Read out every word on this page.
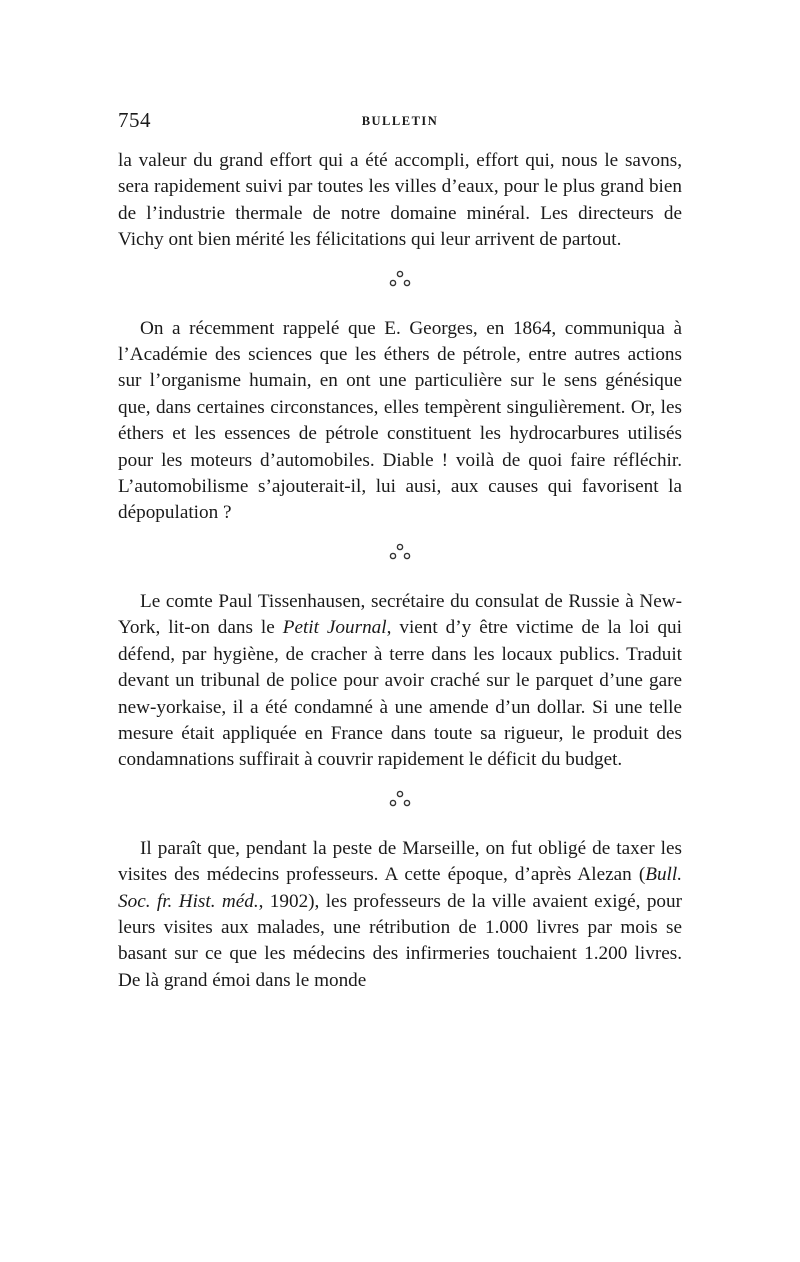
754	BULLETIN

la valeur du grand effort qui a été accompli, effort qui, nous le savons, sera rapidement suivi par toutes les villes d’eaux, pour le plus grand bien de l’industrie thermale de notre domaine minéral. Les directeurs de Vichy ont bien mérité les félicitations qui leur arrivent de partout.

On a récemment rappelé que E. Georges, en 1864, communiqua à l’Académie des sciences que les éthers de pétrole, entre autres actions sur l’organisme humain, en ont une particulière sur le sens génésique que, dans certaines circonstances, elles tempèrent singulièrement. Or, les éthers et les essences de pétrole constituent les hydrocarbures utilisés pour les moteurs d’automobiles. Diable ! voilà de quoi faire réfléchir. L’automobilisme s’ajouterait-il, lui ausi, aux causes qui favorisent la dépopulation ?

Le comte Paul Tissenhausen, secrétaire du consulat de Russie à New-York, lit-on dans le Petit Journal, vient d’y être victime de la loi qui défend, par hygiène, de cracher à terre dans les locaux publics. Traduit devant un tribunal de police pour avoir craché sur le parquet d’une gare new-yorkaise, il a été condamné à une amende d’un dollar. Si une telle mesure était appliquée en France dans toute sa rigueur, le produit des condamnations suffirait à couvrir rapidement le déficit du budget.

Il paraît que, pendant la peste de Marseille, on fut obligé de taxer les visites des médecins professeurs. A cette époque, d’après Alezan (Bull. Soc. fr. Hist. méd., 1902), les professeurs de la ville avaient exigé, pour leurs visites aux malades, une rétribution de 1.000 livres par mois se basant sur ce que les médecins des infirmeries touchaient 1.200 livres. De là grand émoi dans le monde
